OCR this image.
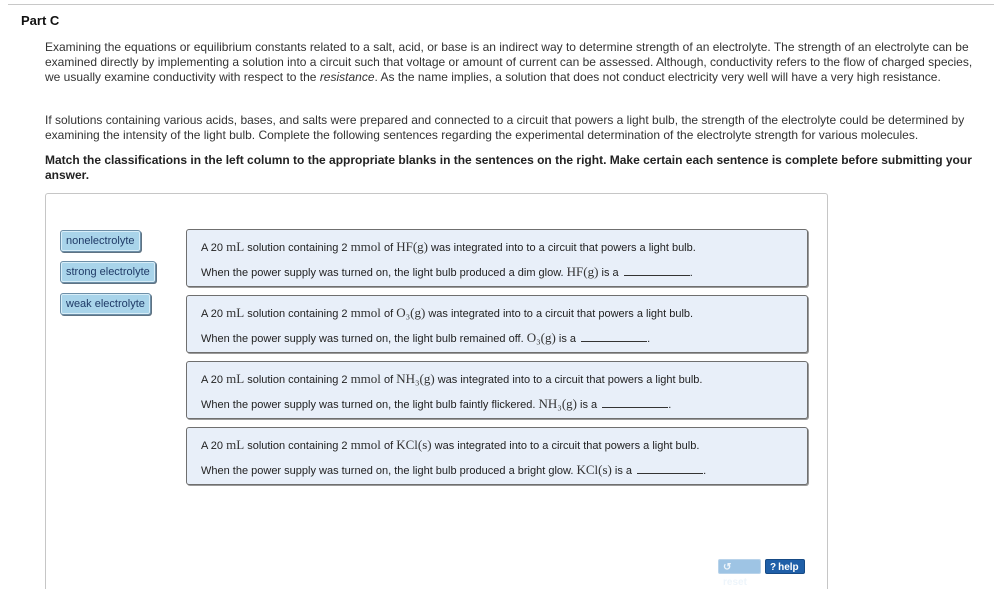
Part C
Examining the equations or equilibrium constants related to a salt, acid, or base is an indirect way to determine strength of an electrolyte. The strength of an electrolyte can be examined directly by implementing a solution into a circuit such that voltage or amount of current can be assessed. Although, conductivity refers to the flow of charged species, we usually examine conductivity with respect to the resistance. As the name implies, a solution that does not conduct electricity very well will have a very high resistance.
If solutions containing various acids, bases, and salts were prepared and connected to a circuit that powers a light bulb, the strength of the electrolyte could be determined by examining the intensity of the light bulb. Complete the following sentences regarding the experimental determination of the electrolyte strength for various molecules.
Match the classifications in the left column to the appropriate blanks in the sentences on the right. Make certain each sentence is complete before submitting your answer.
nonelectrolyte
strong electrolyte
weak electrolyte
A 20 mL solution containing 2 mmol of HF(g) was integrated into to a circuit that powers a light bulb.
When the power supply was turned on, the light bulb produced a dim glow. HF(g) is a	.
A 20 mL solution containing 2 mmol of O₃(g) was integrated into to a circuit that powers a light bulb.
When the power supply was turned on, the light bulb remained off. O₃(g) is a	.
A 20 mL solution containing 2 mmol of NH₃(g) was integrated into to a circuit that powers a light bulb.
When the power supply was turned on, the light bulb faintly flickered. NH₃(g) is a	.
A 20 mL solution containing 2 mmol of KCl(s) was integrated into to a circuit that powers a light bulb.
When the power supply was turned on, the light bulb produced a bright glow. KCl(s) is a	.
↺reset
? help
